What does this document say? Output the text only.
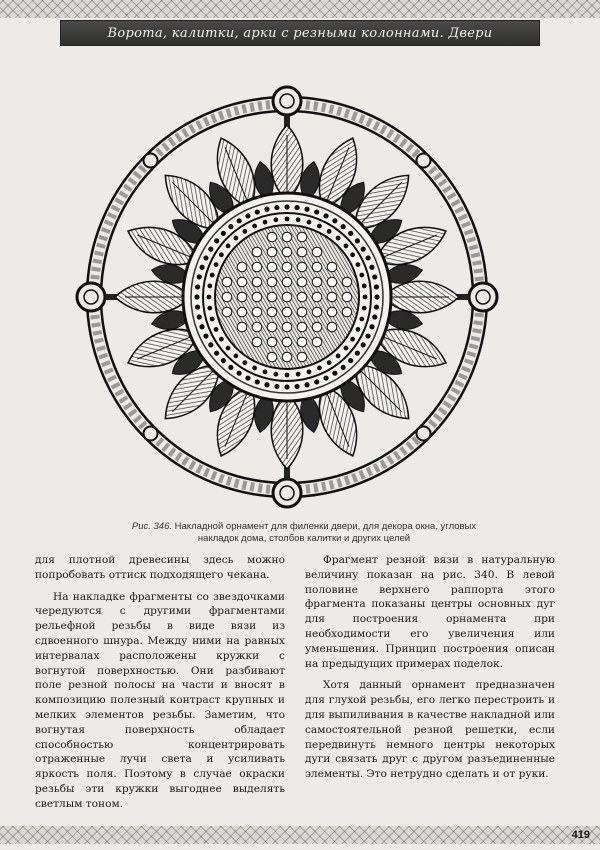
Ворота, калитки, арки с резными колоннами. Двери
Рис. 346. Накладной орнамент для филенки двери, для декора окна, угловых накладок дома, столбов калитки и других целей

для плотной древесины здесь можно попробовать оттиск подходящего чекана.

На накладке фрагменты со звездочками чередуются с другими фрагментами рельефной резьбы в виде вязи из сдвоенного шнура. Между ними на равных интервалах расположены кружки с вогнутой поверхностью. Они разбивают поле резной полосы на части и вносят в композицию полезный контраст крупных и мелких элементов резьбы. Заметим, что вогнутая поверхность обладает способностью концентрировать отраженные лучи света и усиливать яркость поля. Поэтому в случае окраски резьбы эти кружки выгоднее выделять светлым тоном.

Фрагмент резной вязи в натуральную величину показан на рис. 340. В левой половине верхнего раппорта этого фрагмента показаны центры основных дуг для построения орнамента при необходимости его увеличения или уменьшения. Принцип построения описан на предыдущих примерах поделок.

Хотя данный орнамент предназначен для глухой резьбы, его легко перестроить и для выпиливания в качестве накладной или самостоятельной резной решетки, если передвинуть немного центры некоторых дуги связать друг с другом разъединенные элементы. Это нетрудно сделать и от руки.

419
